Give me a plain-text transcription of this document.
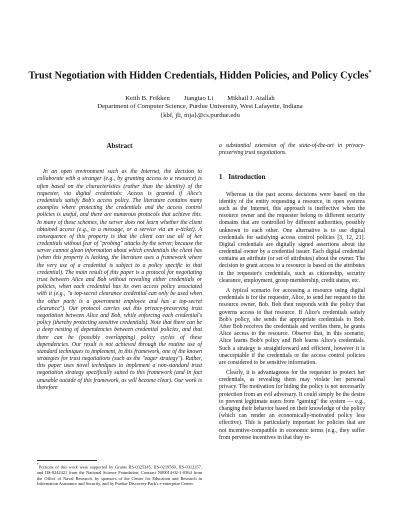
Trust Negotiation with Hidden Credentials, Hidden Policies, and Policy Cycles*
Keith B. Frikken Jiangtao Li Mikhail J. Atallah
Department of Computer Science, Purdue University, West Lafayette, Indiana
{kbf, jli, mja}@cs.purdue.edu
Abstract

In an open environment such as the Internet, the decision to collaborate with a stranger (e.g., by granting access to a resource) is often based on the characteristics (rather than the identity) of the requester, via digital credentials: Access is granted if Alice's credentials satisfy Bob's access policy. The literature contains many examples where protecting the credentials and the access control policies is useful, and there are numerous protocols that achieve this. In many of these schemes, the server does not learn whether the client obtained access (e.g., to a message, or a service via an e-ticket). A consequence of this property is that the client can use all of her credentials without fear of "probing" attacks by the server, because the server cannot glean information about which credentials the client has (when this property is lacking, the literature uses a framework where the very use of a credential is subject to a policy specific to that credential). The main result of this paper is a protocol for negotiating trust between Alice and Bob without revealing either credentials or policies, when each credential has its own access policy associated with it (e.g., "a top-secret clearance credential can only be used when the other party is a government employee and has a top-secret clearance"). Our protocol carries out this privacy-preserving trust negotiation between Alice and Bob, while enforcing each credential's policy (thereby protecting sensitive credentials). Note that there can be a deep nesting of dependencies between credential policies, and that there can be (possibly overlapping) policy cycles of these dependencies. Our result is not achieved through the routine use of standard techniques to implement, in this framework, one of the known strategies for trust negotiations (such as the "eager strategy"). Rather, this paper uses novel techniques to implement a non-standard trust negotiation strategy specifically suited to this framework (and in fact unusable outside of this framework, as will become clear). Our work is therefore

a substantial extension of the state-of-the-art in privacy-preserving trust negotiations.

1 Introduction

Whereas in the past access decisions were based on the identity of the entity requesting a resource, in open systems such as the Internet, this approach is ineffective when the resource owner and the requester belong to different security domains that are controlled by different authorities, possibly unknown to each other. One alternative is to use digital credentials for satisfying access control policies [3, 12, 21]. Digital credentials are digitally signed assertions about the credential owner by a credential issuer. Each digital credential contains an attribute (or set of attributes) about the owner. The decision to grant access to a resource is based on the attributes in the requester's credentials, such as citizenship, security clearance, employment, group membership, credit status, etc.

A typical scenario for accessing a resource using digital credentials is for the requester, Alice, to send her request to the resource owner, Bob. Bob then responds with the policy that governs access to that resource. If Alice's credentials satisfy Bob's policy, she sends the appropriate credentials to Bob. After Bob receives the credentials and verifies them, he grants Alice access to the resource. Observe that, in this scenario, Alice learns Bob's policy and Bob learns Alice's credentials. Such a strategy is straightforward and efficient, however it is unacceptable if the credentials or the access control policies are considered to be sensitive information.

Clearly, it is advantageous for the requester to protect her credentials, as revealing them may violate her personal privacy. The motivation for hiding the policy is not necessarily protection from an evil adversary. It could simply be the desire to prevent legitimate users from "gaming" the system — e.g., changing their behavior based on their knowledge of the policy (which can render an economically-motivated policy less effective). This is particularly important for policies that are not incentive-compatible in economic terms (e.g., they suffer from perverse incentives in that they re-

*Portions of this work were supported by Grants IIS-0325345, IIS-0219560, IIS-0312357, and IIS-0242421 from the National Science Foundation, Contract N00014-02-1-0364 from the Office of Naval Research, by sponsors of the Center for Education and Research in Information Assurance and Security, and by Purdue Discovery Park's e-enterprise Center.
